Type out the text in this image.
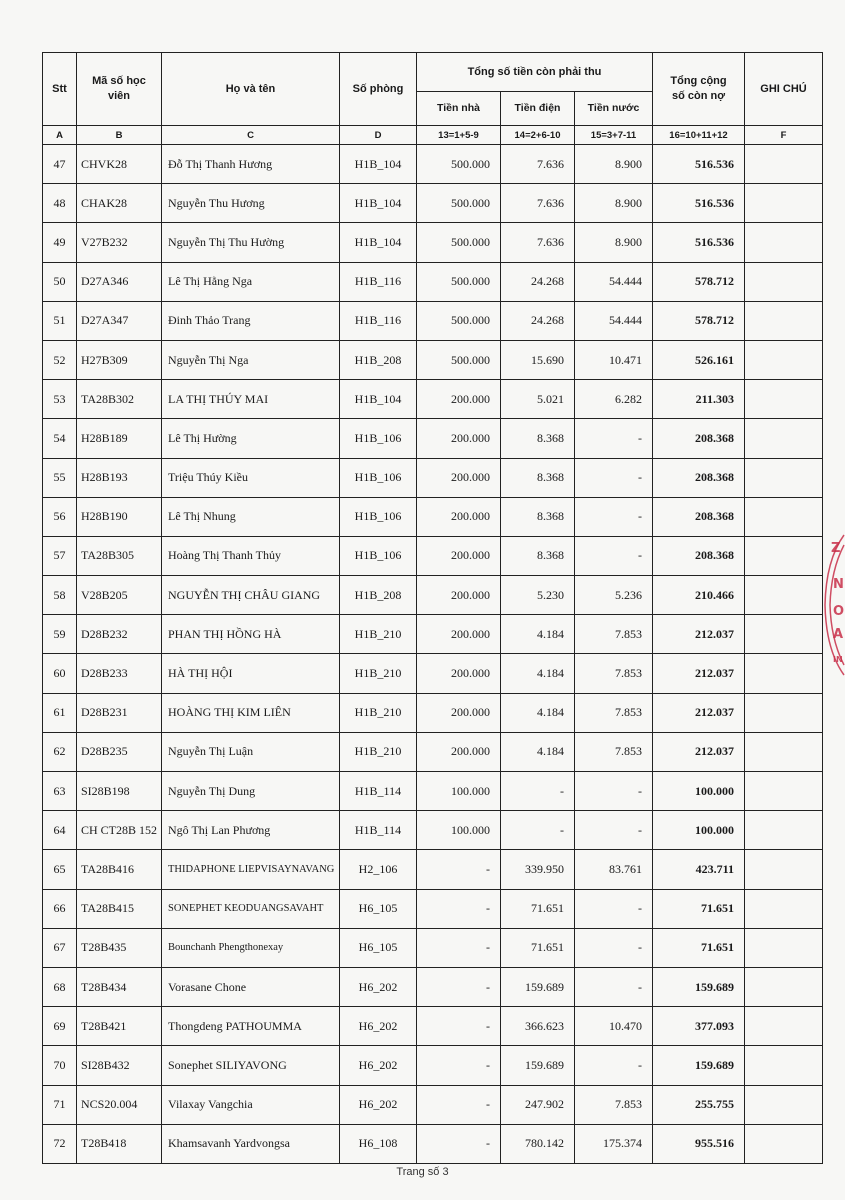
Stt	Mã số học viên	Họ và tên	Số phòng	Tổng số tiền còn phải thu			Tổng cộng số còn nợ	GHI CHÚ
				Tiền nhà	Tiền điện	Tiền nước		
A	B	C	D	13=1+5-9	14=2+6-10	15=3+7-11	16=10+11+12	F
47	CHVK28	Đỗ Thị Thanh Hương	H1B_104	500.000	7.636	8.900	516.536	
48	CHAK28	Nguyễn Thu Hương	H1B_104	500.000	7.636	8.900	516.536	
49	V27B232	Nguyễn Thị Thu Hường	H1B_104	500.000	7.636	8.900	516.536	
50	D27A346	Lê Thị Hằng Nga	H1B_116	500.000	24.268	54.444	578.712	
51	D27A347	Đinh Thảo Trang	H1B_116	500.000	24.268	54.444	578.712	
52	H27B309	Nguyễn Thị Nga	H1B_208	500.000	15.690	10.471	526.161	
53	TA28B302	LA THỊ THÚY MAI	H1B_104	200.000	5.021	6.282	211.303	
54	H28B189	Lê Thị Hường	H1B_106	200.000	8.368	-	208.368	
55	H28B193	Triệu Thúy Kiều	H1B_106	200.000	8.368	-	208.368	
56	H28B190	Lê Thị Nhung	H1B_106	200.000	8.368	-	208.368	
57	TA28B305	Hoàng Thị Thanh Thủy	H1B_106	200.000	8.368	-	208.368	
58	V28B205	NGUYỄN THỊ CHÂU GIANG	H1B_208	200.000	5.230	5.236	210.466	
59	D28B232	PHAN THỊ HỒNG HÀ	H1B_210	200.000	4.184	7.853	212.037	
60	D28B233	HÀ THỊ HỘI	H1B_210	200.000	4.184	7.853	212.037	
61	D28B231	HOÀNG THỊ KIM LIÊN	H1B_210	200.000	4.184	7.853	212.037	
62	D28B235	Nguyễn Thị Luận	H1B_210	200.000	4.184	7.853	212.037	
63	SI28B198	Nguyễn Thị Dung	H1B_114	100.000	-	-	100.000	
64	CH CT28B 152	Ngô Thị Lan Phương	H1B_114	100.000	-	-	100.000	
65	TA28B416	THIDAPHONE LIEPVISAYNAVANG	H2_106	-	339.950	83.761	423.711	
66	TA28B415	SONEPHET KEODUANGSAVAHT	H6_105	-	71.651	-	71.651	
67	T28B435	Bounchanh Phengthonexay	H6_105	-	71.651	-	71.651	
68	T28B434	Vorasane Chone	H6_202	-	159.689	-	159.689	
69	T28B421	Thongdeng PATHOUMMA	H6_202	-	366.623	10.470	377.093	
70	SI28B432	Sonephet SILIYAVONG	H6_202	-	159.689	-	159.689	
71	NCS20.004	Vilaxay Vangchia	H6_202	-	247.902	7.853	255.755	
72	T28B418	Khamsavanh Yardvongsa	H6_108	-	780.142	175.374	955.516	
Z
N
O
A
IN
Trang số 3
